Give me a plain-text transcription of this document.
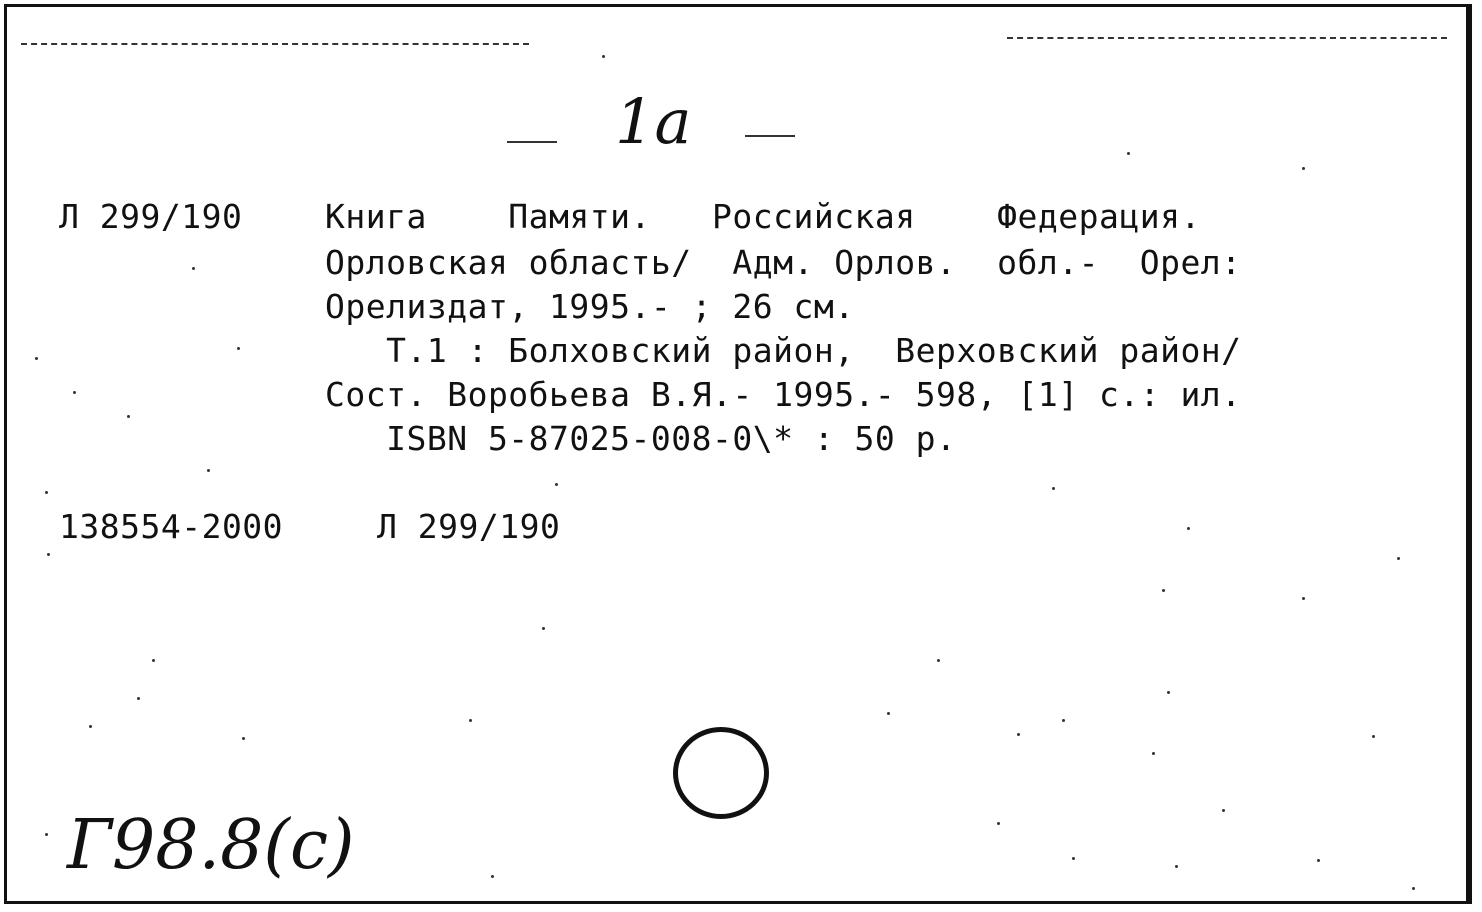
1а
Л 299/190	Книга    Памяти.   Российская    Федерация.
Орловская область/  Адм. Орлов.  обл.-  Орел:
Орелиздат, 1995.- ; 26 см.
Т.1 : Болховский район,  Верховский район/
Сост. Воробьева В.Я.- 1995.- 598, [1] с.: ил.
ISBN 5-87025-008-0\* : 50 р.
138554-2000	Л 299/190
Г98.8(c)
